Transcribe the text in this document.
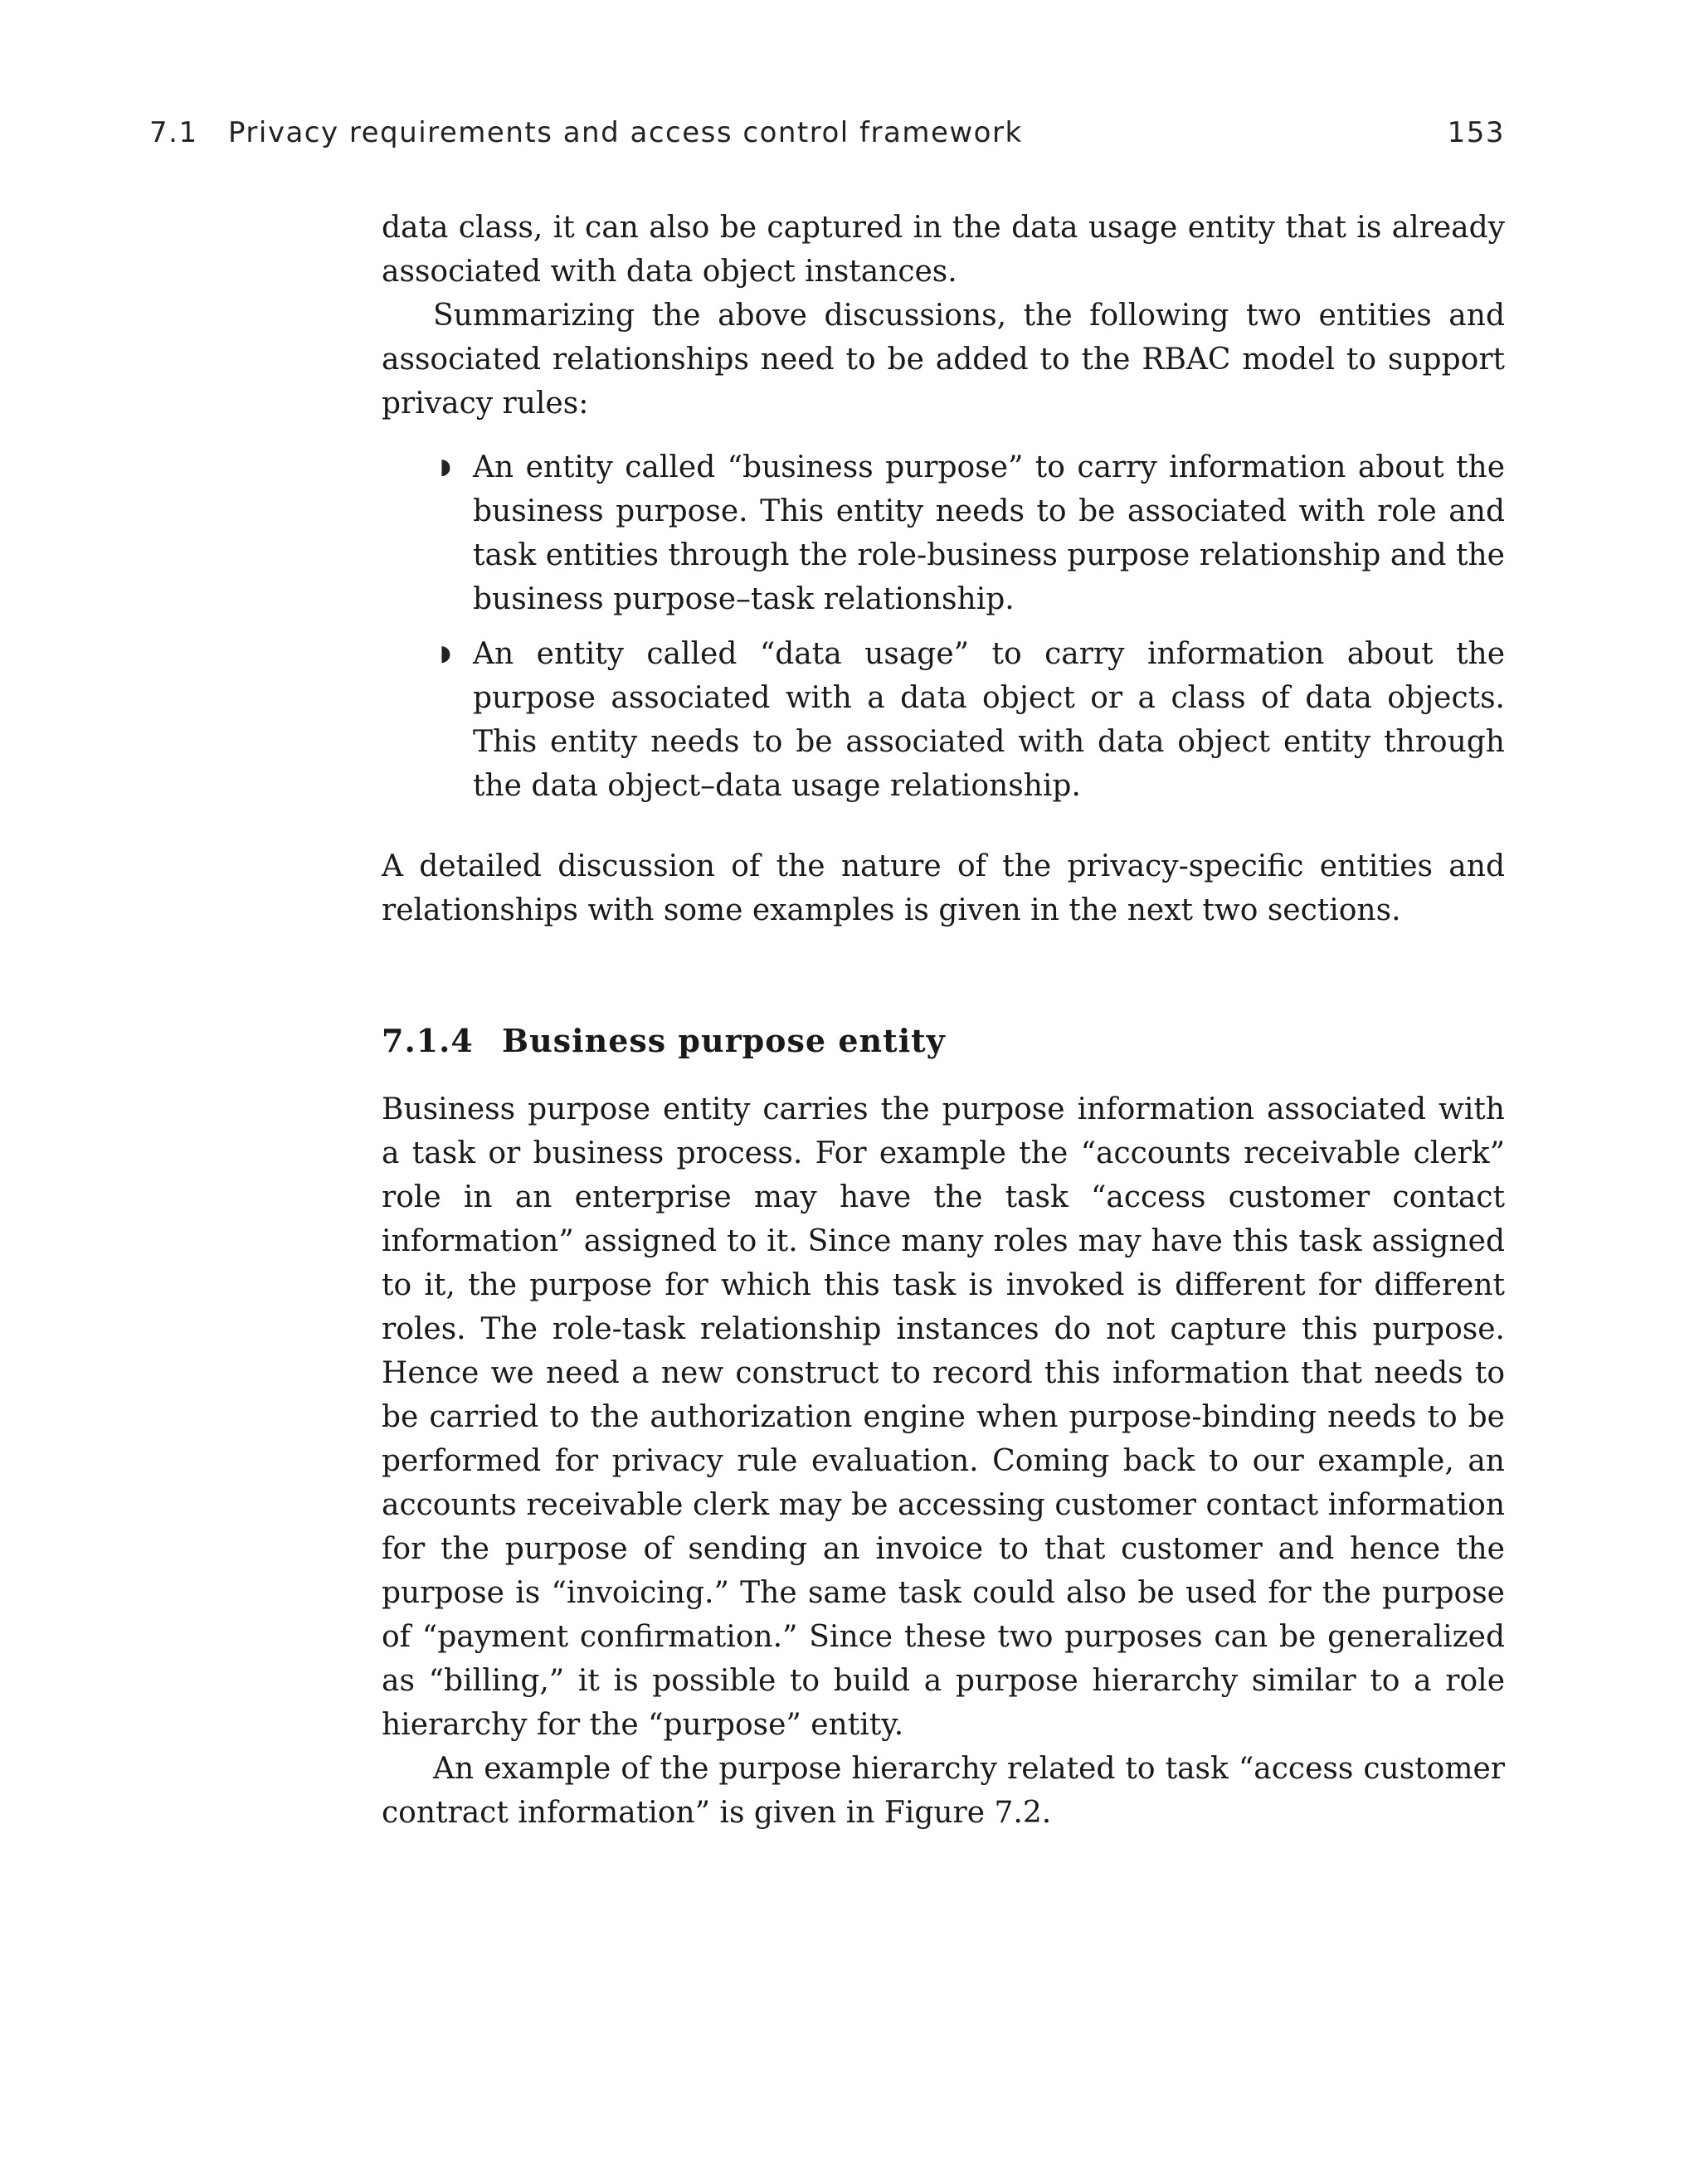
7.1 Privacy requirements and access control framework	153

data class, it can also be captured in the data usage entity that is already associated with data object instances.

Summarizing the above discussions, the following two entities and associated relationships need to be added to the RBAC model to support privacy rules:

◗ An entity called “business purpose” to carry information about the business purpose. This entity needs to be associated with role and task entities through the role-business purpose relationship and the business purpose–task relationship.
◗ An entity called “data usage” to carry information about the purpose associated with a data object or a class of data objects. This entity needs to be associated with data object entity through the data object–data usage relationship.

A detailed discussion of the nature of the privacy-specific entities and relationships with some examples is given in the next two sections.

7.1.4 Business purpose entity

Business purpose entity carries the purpose information associated with a task or business process. For example the “accounts receivable clerk” role in an enterprise may have the task “access customer contact information” assigned to it. Since many roles may have this task assigned to it, the purpose for which this task is invoked is different for different roles. The role-task relationship instances do not capture this purpose. Hence we need a new construct to record this information that needs to be carried to the authorization engine when purpose-binding needs to be performed for privacy rule evaluation. Coming back to our example, an accounts receivable clerk may be accessing customer contact information for the purpose of sending an invoice to that customer and hence the purpose is “invoicing.” The same task could also be used for the purpose of “payment confirmation.” Since these two purposes can be generalized as “billing,” it is possible to build a purpose hierarchy similar to a role hierarchy for the “purpose” entity.

An example of the purpose hierarchy related to task “access customer contract information” is given in Figure 7.2.
